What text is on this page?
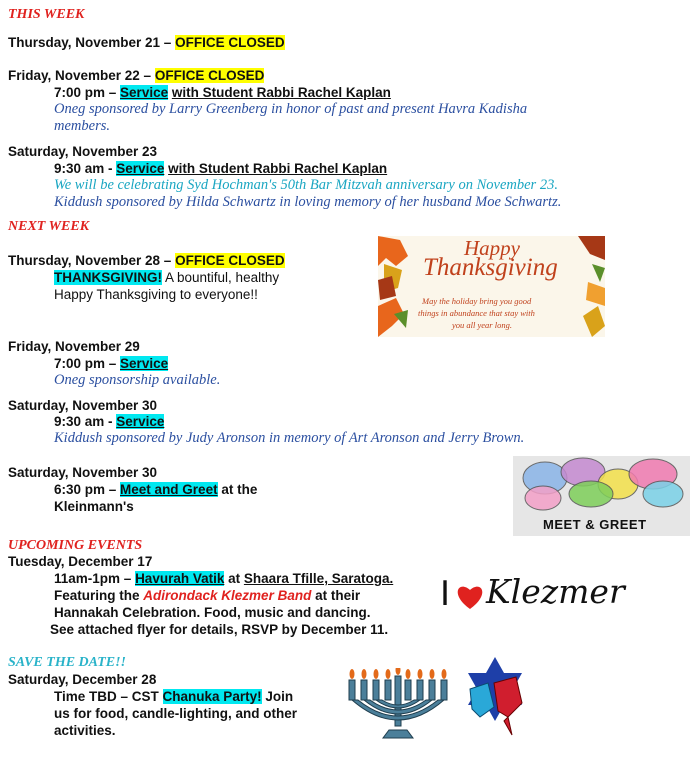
THIS WEEK
Thursday, November 21 – OFFICE CLOSED
Friday, November 22 – OFFICE CLOSED
7:00 pm – Service with Student Rabbi Rachel Kaplan
Oneg sponsored by Larry Greenberg in honor of past and present Havra Kadisha
members.
Saturday, November 23
9:30 am - Service with Student Rabbi Rachel Kaplan
We will be celebrating Syd Hochman's 50th Bar Mitzvah anniversary on November 23.
Kiddush sponsored by Hilda Schwartz in loving memory of her husband Moe Schwartz.
NEXT WEEK
Thursday, November 28 – OFFICE CLOSED
THANKSGIVING! A bountiful, healthy
Happy Thanksgiving to everyone!!
Happy
Thanksgiving
May the holiday bring you good
things in abundance that stay with
you all year long.
Friday, November 29
7:00 pm – Service
Oneg sponsorship available.
Saturday, November 30
9:30 am - Service
Kiddush sponsored by Judy Aronson in memory of Art Aronson and Jerry Brown.
Saturday, November 30
6:30 pm – Meet and Greet at the
Kleinmann's
MEET & GREET
UPCOMING EVENTS
Tuesday, December 17
11am-1pm – Havurah Vatik at Shaara Tfille, Saratoga.
Featuring the Adirondack Klezmer Band at their
Hannakah Celebration. Food, music and dancing.
See attached flyer for details, RSVP by December 11.
I Klezmer
SAVE THE DATE!!
Saturday, December 28
Time TBD – CST Chanuka Party! Join
us for food, candle-lighting, and other
activities.
